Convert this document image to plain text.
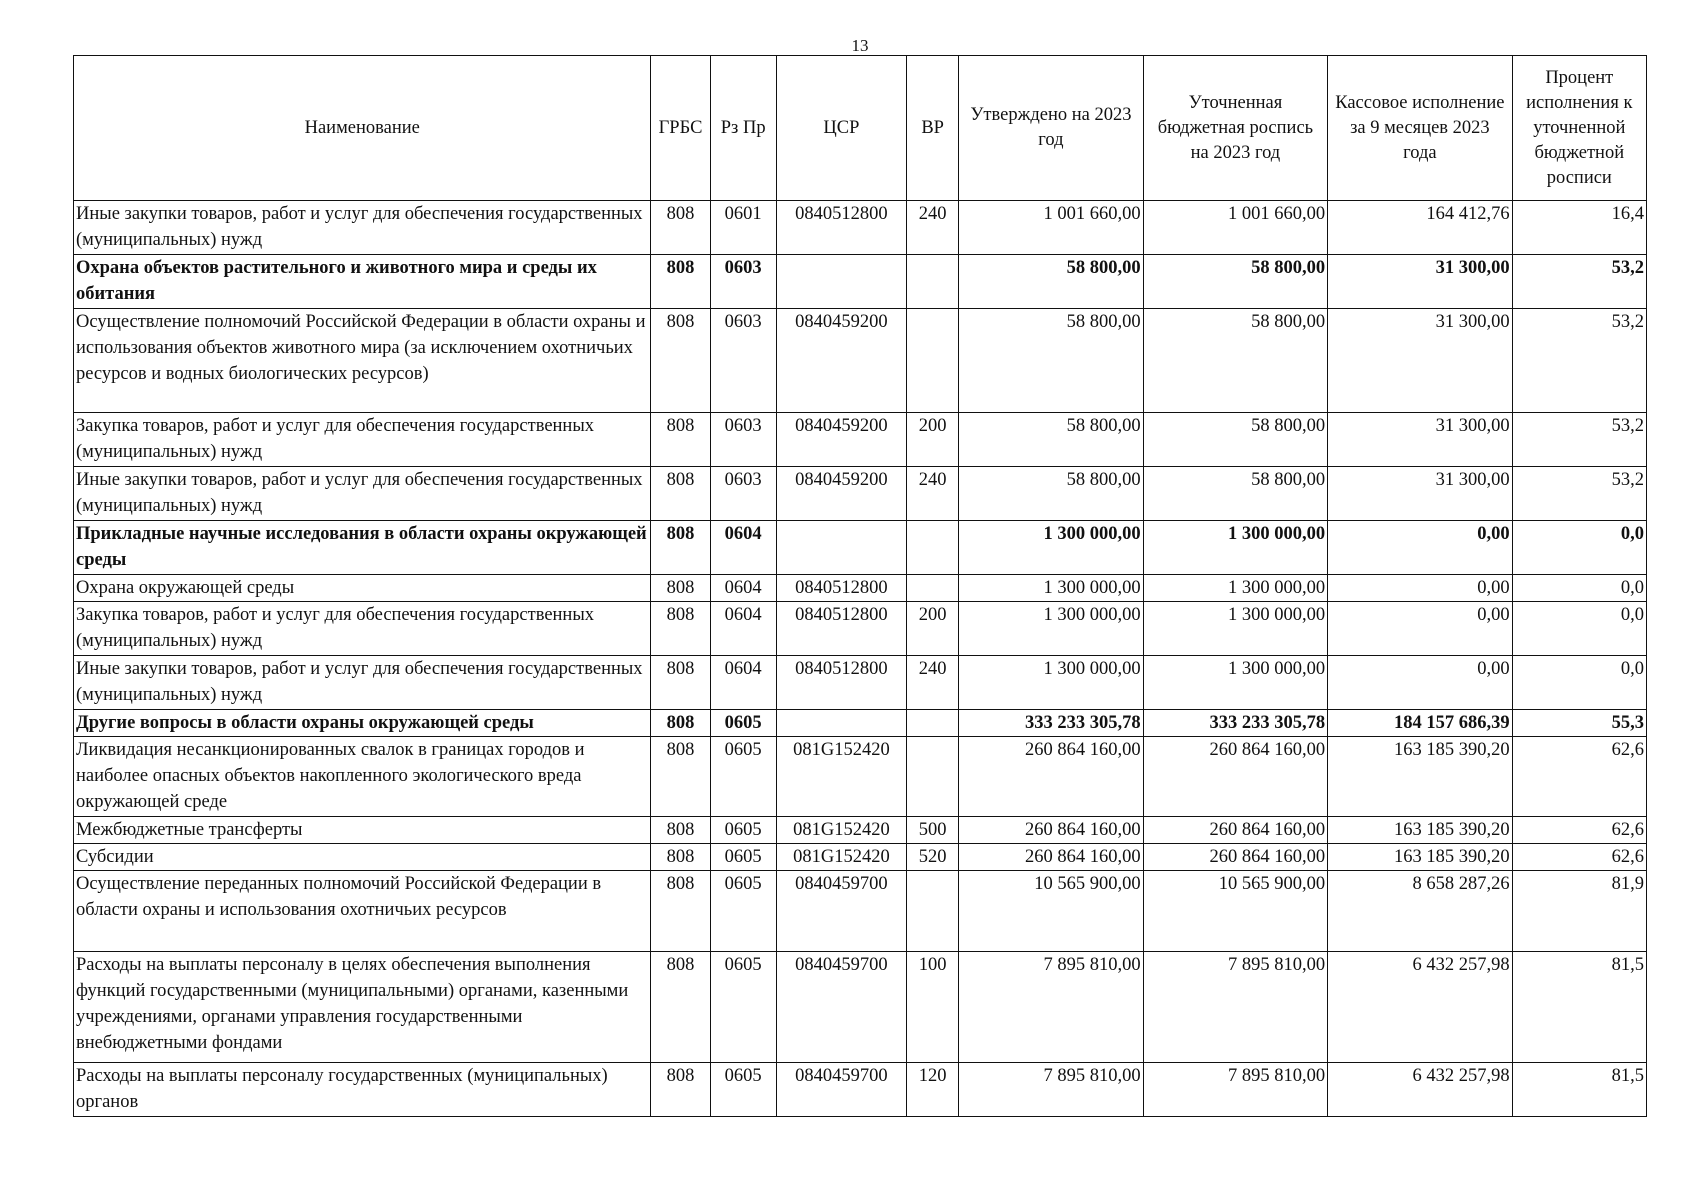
13
Наименование	ГРБС	Рз Пр	ЦСР	ВР	Утверждено на 2023 год	Уточненная бюджетная роспись на 2023 год	Кассовое исполнение за 9 месяцев 2023 года	Процент исполнения к уточненной бюджетной росписи
Иные закупки товаров, работ и услуг для обеспечения государственных (муниципальных) нужд	808	0601	0840512800	240	1 001 660,00	1 001 660,00	164 412,76	16,4
Охрана объектов растительного и животного мира и среды их обитания	808	0603			58 800,00	58 800,00	31 300,00	53,2
Осуществление полномочий Российской Федерации в области охраны и использования объектов животного мира (за исключением охотничьих ресурсов и водных биологических ресурсов)	808	0603	0840459200		58 800,00	58 800,00	31 300,00	53,2
Закупка товаров, работ и услуг для обеспечения государственных (муниципальных) нужд	808	0603	0840459200	200	58 800,00	58 800,00	31 300,00	53,2
Иные закупки товаров, работ и услуг для обеспечения государственных (муниципальных) нужд	808	0603	0840459200	240	58 800,00	58 800,00	31 300,00	53,2
Прикладные научные исследования в области охраны окружающей среды	808	0604			1 300 000,00	1 300 000,00	0,00	0,0
Охрана окружающей среды	808	0604	0840512800		1 300 000,00	1 300 000,00	0,00	0,0
Закупка товаров, работ и услуг для обеспечения государственных (муниципальных) нужд	808	0604	0840512800	200	1 300 000,00	1 300 000,00	0,00	0,0
Иные закупки товаров, работ и услуг для обеспечения государственных (муниципальных) нужд	808	0604	0840512800	240	1 300 000,00	1 300 000,00	0,00	0,0
Другие вопросы в области охраны окружающей среды	808	0605			333 233 305,78	333 233 305,78	184 157 686,39	55,3
Ликвидация несанкционированных свалок в границах городов и наиболее опасных объектов накопленного экологического вреда окружающей среде	808	0605	081G152420		260 864 160,00	260 864 160,00	163 185 390,20	62,6
Межбюджетные трансферты	808	0605	081G152420	500	260 864 160,00	260 864 160,00	163 185 390,20	62,6
Субсидии	808	0605	081G152420	520	260 864 160,00	260 864 160,00	163 185 390,20	62,6
Осуществление переданных полномочий Российской Федерации в области охраны и использования охотничьих ресурсов	808	0605	0840459700		10 565 900,00	10 565 900,00	8 658 287,26	81,9
Расходы на выплаты персоналу в целях обеспечения выполнения функций государственными (муниципальными) органами, казенными учреждениями, органами управления государственными внебюджетными фондами	808	0605	0840459700	100	7 895 810,00	7 895 810,00	6 432 257,98	81,5
Расходы на выплаты персоналу государственных (муниципальных) органов	808	0605	0840459700	120	7 895 810,00	7 895 810,00	6 432 257,98	81,5
